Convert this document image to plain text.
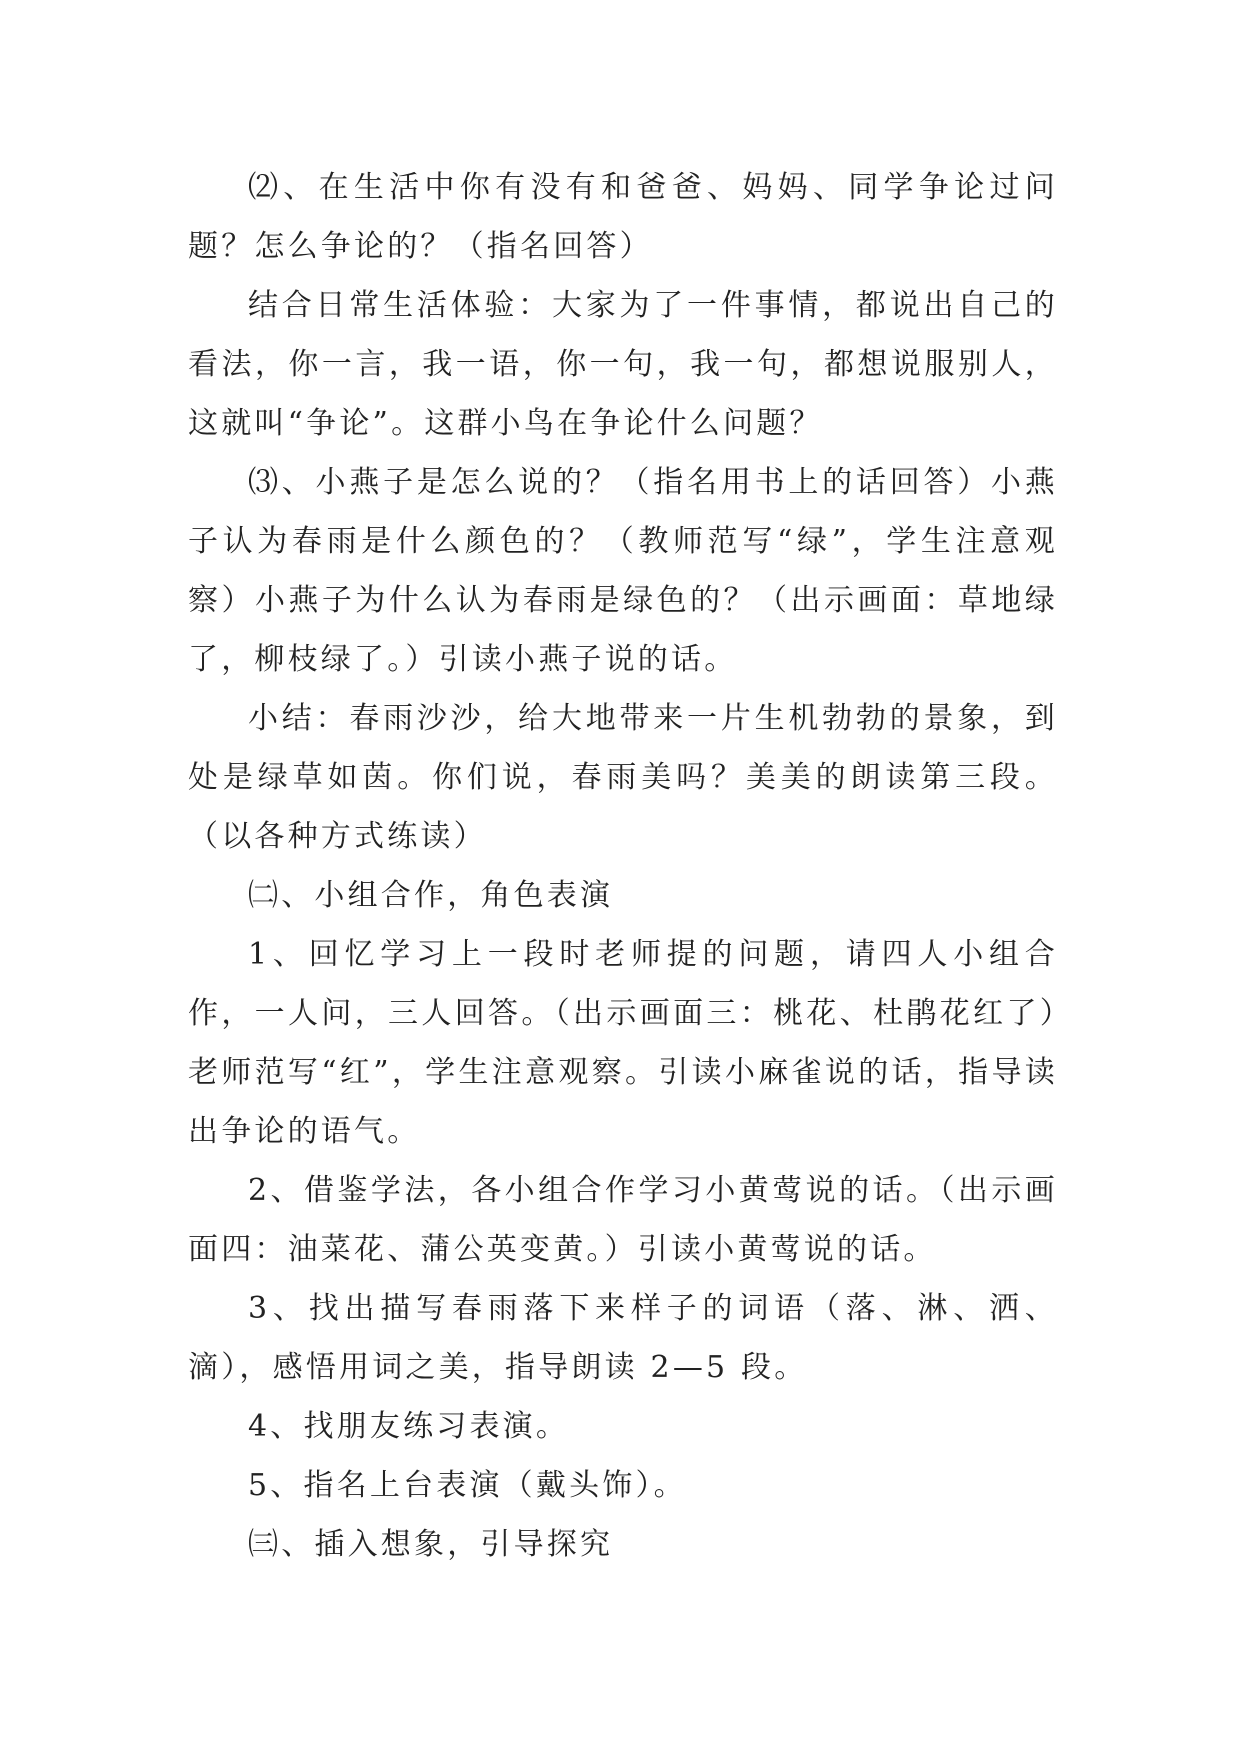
⑵、在生活中你有没有和爸爸、妈妈、同学争论过问题？怎么争论的？（指名回答）

结合日常生活体验：大家为了一件事情，都说出自己的看法，你一言，我一语，你一句，我一句，都想说服别人，这就叫“争论”。这群小鸟在争论什么问题？

⑶、小燕子是怎么说的？（指名用书上的话回答）小燕子认为春雨是什么颜色的？（教师范写“绿”，学生注意观察）小燕子为什么认为春雨是绿色的？（出示画面：草地绿了，柳枝绿了。）引读小燕子说的话。

小结：春雨沙沙，给大地带来一片生机勃勃的景象，到处是绿草如茵。你们说，春雨美吗？美美的朗读第三段。（以各种方式练读）

㈡、小组合作，角色表演

1、回忆学习上一段时老师提的问题，请四人小组合作，一人问，三人回答。（出示画面三：桃花、杜鹃花红了）老师范写“红”，学生注意观察。引读小麻雀说的话，指导读出争论的语气。

2、借鉴学法，各小组合作学习小黄莺说的话。（出示画面四：油菜花、蒲公英变黄。）引读小黄莺说的话。

3、找出描写春雨落下来样子的词语（落、淋、洒、滴），感悟用词之美，指导朗读 2—5 段。

4、找朋友练习表演。

5、指名上台表演（戴头饰）。

㈢、插入想象，引导探究
